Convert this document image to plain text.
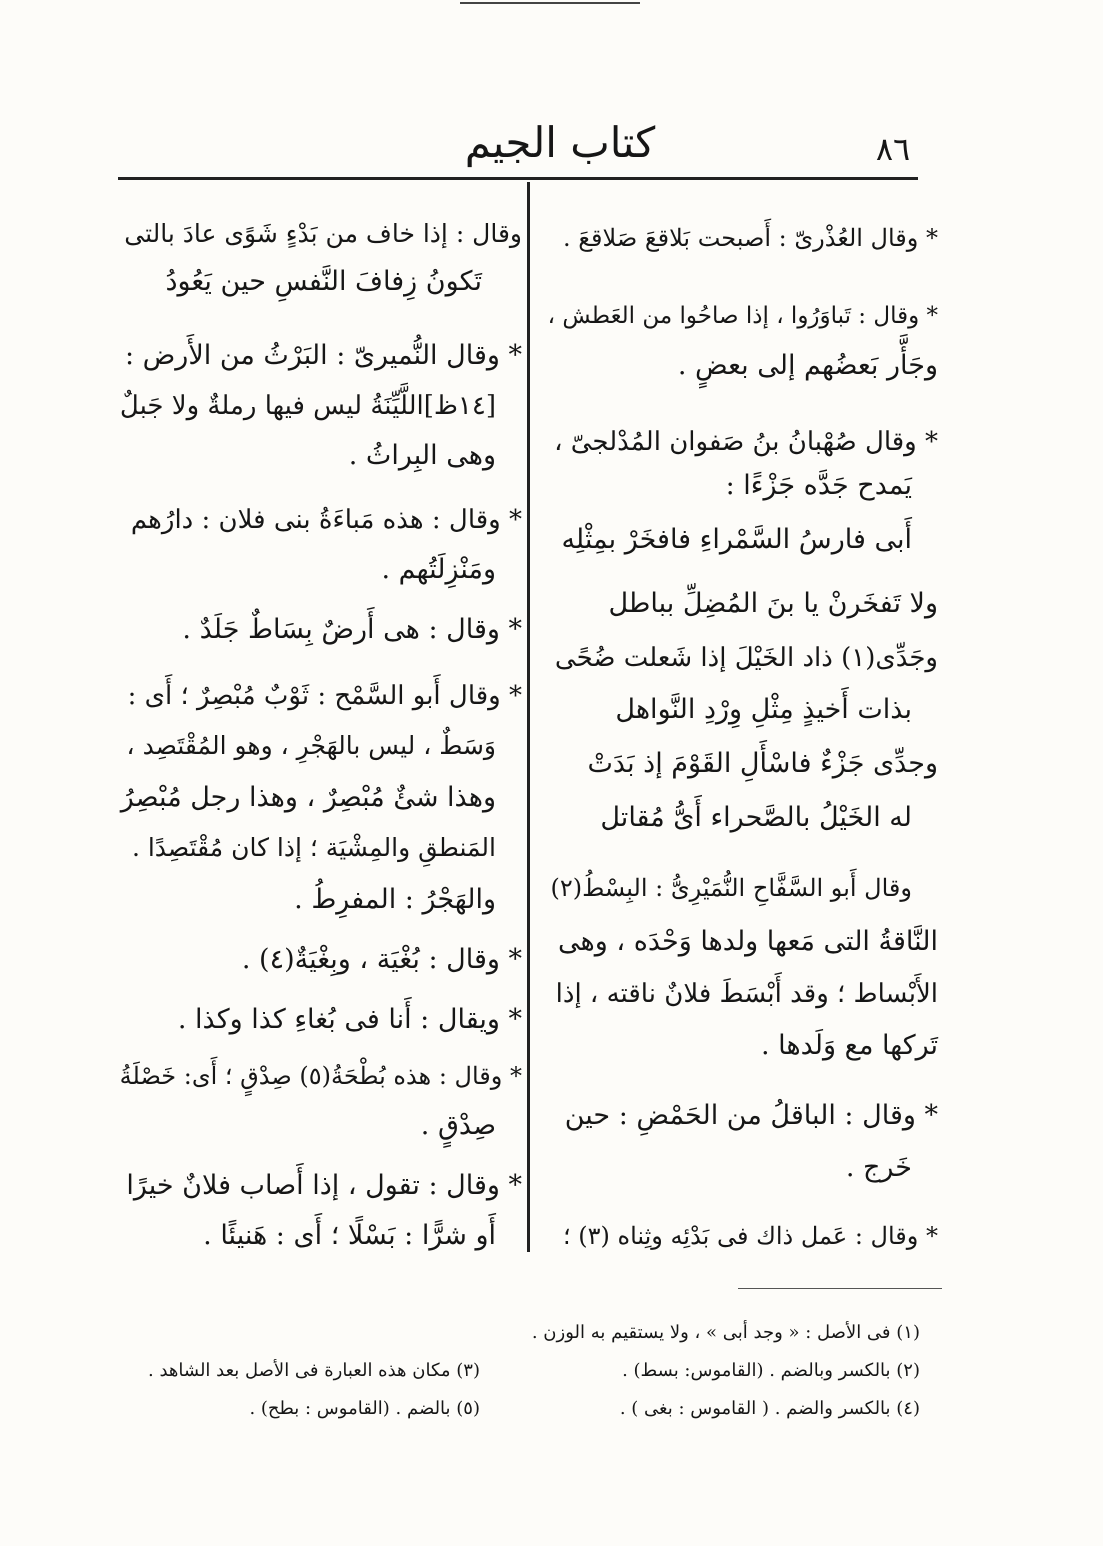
كتاب الجيم	٨٦
* وقال العُذْرىّ : أَصبحت بَلاقعَ صَلاقعَ .
* وقال : تَباوَرُوا ، إذا صاحُوا من العَطش ،
وجَأَّر بَعضُهم إلى بعضٍ .
* وقال صُهْبانُ بنُ صَفوان المُدْلجىّ ،
يَمدح جَدَّه جَزْءًا :
أَبى فارسُ السَّمْراءِ فافخَرْ بمِثْلِه
ولا تَفخَرنْ يا بنَ المُضِلِّ بباطل
وجَدِّى(١) ذاد الخَيْلَ إذا شَعلت ضُحًى
بذات أَخيذٍ مِثْلِ وِرْدِ النَّواهل
وجدِّى جَزْءٌ فاسْأَلِ القَوْمَ إذ بَدَتْ
له الخَيْلُ بالصَّحراء أَىُّ مُقاتل
وقال أَبو السَّفَّاحِ النُّمَيْرِىُّ : البِسْطُ(٢)
النَّاقةُ التى مَعها ولدها وَحْدَه ، وهى
الأَبْساط ؛ وقد أَبْسَطَ فلانٌ ناقته ، إذا
تَركها مع وَلَدها .
* وقال : الباقلُ من الحَمْضِ : حين
خَرج .
* وقال : عَمل ذاك فى بَدْئِه وثِناه (٣) ؛
وقال : إذا خاف من بَدْءٍ شَوًى عادَ بالتى
تَكونُ زِفافَ النَّفسِ حين يَعُودُ
* وقال النُّميرىّ : البَرْثُ من الأَرض :
[١٤ظ]اللَّيِّنَةُ ليس فيها رملةٌ ولا جَبلٌ
وهى البِراثُ .
* وقال : هذه مَباءَةُ بنى فلان : دارُهم
ومَنْزِلَتُهم .
* وقال : هى أَرضٌ بِسَاطٌ جَلَدٌ .
* وقال أَبو السَّمْح : ثَوْبٌ مُبْصِرٌ ؛ أَى :
وَسَطٌ ، ليس بالهَجْرِ ، وهو المُقْتَصِد ،
وهذا شئٌ مُبْصِرٌ ، وهذا رجل مُبْصِرُ
المَنطقِ والمِشْيَة ؛ إذا كان مُقْتَصِدًا .
والهَجْرُ : المفرِطُ .
* وقال : بُغْيَة ، وبِغْيَةٌ(٤) .
* ويقال : أَنا فى بُغاءِ كذا وكذا .
* وقال : هذه بُطْحَةُ(٥) صِدْقٍ ؛ أَى: خَصْلَةُ
صِدْقٍ .
* وقال : تقول ، إذا أَصاب فلانٌ خيرًا
أَو شرًّا : بَسْلًا ؛ أَى : هَنيئًا .
(١) فى الأصل : « وجد أبى » ، ولا يستقيم به الوزن .
(٢) بالكسر وبالضم . (القاموس: بسط) .
(٣) مكان هذه العبارة فى الأصل بعد الشاهد .
(٤) بالكسر والضم . ( القاموس : بغى ) .
(٥) بالضم . (القاموس : بطح) .
